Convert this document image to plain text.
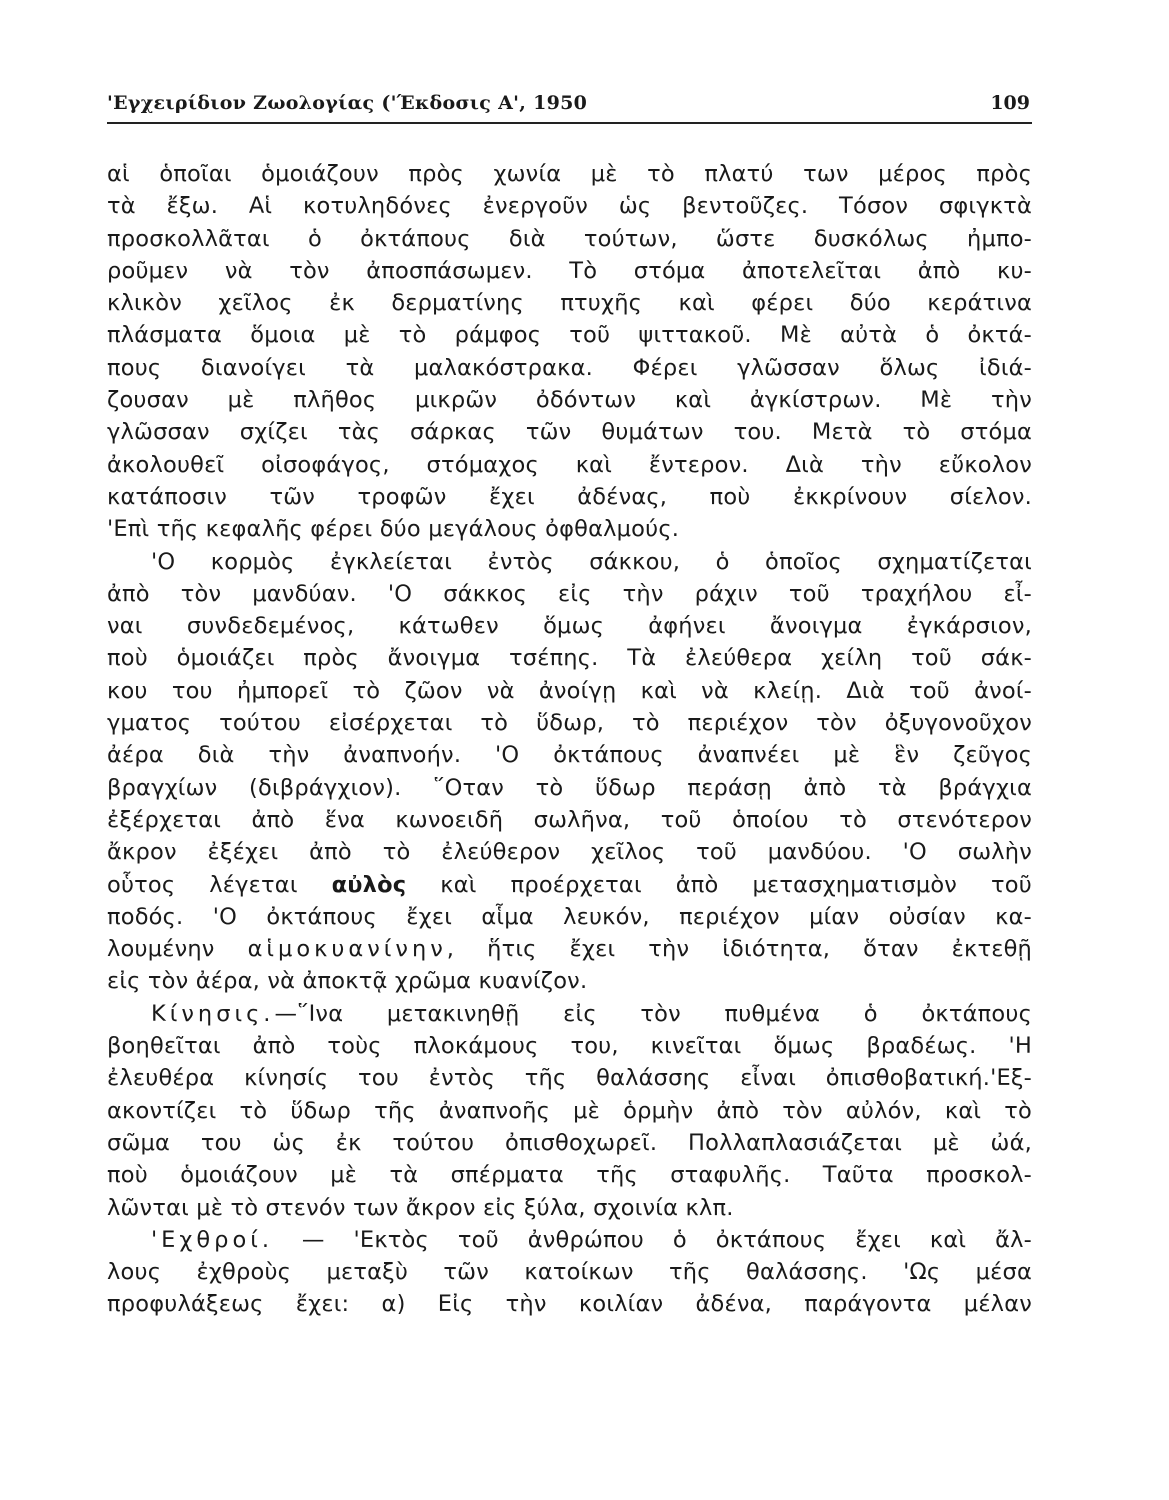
'Εγχειρίδιον Ζωολογίας ('Έκδοσις Α', 1950	109
αἱ ὁποῖαι ὁμοιάζουν πρὸς χωνία μὲ τὸ πλατύ των μέρος πρὸς
τὰ ἔξω. Αἱ κοτυληδόνες ἐνεργοῦν ὡς βεντοῦζες. Τόσον σφιγκτὰ
προσκολλᾶται ὁ ὀκτάπους διὰ τούτων, ὥστε δυσκόλως ἠμπο-
ροῦμεν νὰ τὸν ἀποσπάσωμεν. Τὸ στόμα ἀποτελεῖται ἀπὸ κυ-
κλικὸν χεῖλος ἐκ δερματίνης πτυχῆς καὶ φέρει δύο κεράτινα
πλάσματα ὅμοια μὲ τὸ ράμφος τοῦ ψιττακοῦ. Μὲ αὐτὰ ὁ ὀκτά-
πους διανοίγει τὰ μαλακόστρακα. Φέρει γλῶσσαν ὅλως ἰδιά-
ζουσαν μὲ πλῆθος μικρῶν ὀδόντων καὶ ἀγκίστρων. Μὲ τὴν
γλῶσσαν σχίζει τὰς σάρκας τῶν θυμάτων του. Μετὰ τὸ στόμα
ἀκολουθεῖ οἰσοφάγος, στόμαχος καὶ ἔντερον. Διὰ τὴν εὔκολον
κατάποσιν τῶν τροφῶν ἔχει ἀδένας, ποὺ ἐκκρίνουν σίελον.
'Επὶ τῆς κεφαλῆς φέρει δύο μεγάλους ὀφθαλμούς.
'Ο κορμὸς ἐγκλείεται ἐντὸς σάκκου, ὁ ὁποῖος σχηματίζεται
ἀπὸ τὸν μανδύαν. 'Ο σάκκος εἰς τὴν ράχιν τοῦ τραχήλου εἶ-
ναι συνδεδεμένος, κάτωθεν ὅμως ἀφήνει ἄνοιγμα ἐγκάρσιον,
ποὺ ὁμοιάζει πρὸς ἄνοιγμα τσέπης. Τὰ ἐλεύθερα χείλη τοῦ σάκ-
κου του ἠμπορεῖ τὸ ζῶον νὰ ἀνοίγῃ καὶ νὰ κλείῃ. Διὰ τοῦ ἀνοί-
γματος τούτου εἰσέρχεται τὸ ὕδωρ, τὸ περιέχον τὸν ὀξυγονοῦχον
ἀέρα διὰ τὴν ἀναπνοήν. 'Ο ὀκτάπους ἀναπνέει μὲ ἓν ζεῦγος
βραγχίων (διβράγχιον). ῞Οταν τὸ ὕδωρ περάσῃ ἀπὸ τὰ βράγχια
ἐξέρχεται ἀπὸ ἕνα κωνοειδῆ σωλῆνα, τοῦ ὁποίου τὸ στενότερον
ἄκρον ἐξέχει ἀπὸ τὸ ἐλεύθερον χεῖλος τοῦ μανδύου. 'Ο σωλὴν
οὗτος λέγεται αὐλὸς καὶ προέρχεται ἀπὸ μετασχηματισμὸν τοῦ
ποδός. 'Ο ὀκτάπους ἔχει αἷμα λευκόν, περιέχον μίαν οὐσίαν κα-
λουμένην αἱμοκυανίνην, ἥτις ἔχει τὴν ἰδιότητα, ὅταν ἐκτεθῇ
εἰς τὸν ἀέρα, νὰ ἀποκτᾷ χρῶμα κυανίζον.
Κίνησις.—῞Ινα μετακινηθῇ εἰς τὸν πυθμένα ὁ ὀκτάπους
βοηθεῖται ἀπὸ τοὺς πλοκάμους του, κινεῖται ὅμως βραδέως. 'Η
ἐλευθέρα κίνησίς του ἐντὸς τῆς θαλάσσης εἶναι ὀπισθοβατική.'Εξ-
ακοντίζει τὸ ὕδωρ τῆς ἀναπνοῆς μὲ ὁρμὴν ἀπὸ τὸν αὐλόν, καὶ τὸ
σῶμα του ὡς ἐκ τούτου ὀπισθοχωρεῖ. Πολλαπλασιάζεται μὲ ὠά,
ποὺ ὁμοιάζουν μὲ τὰ σπέρματα τῆς σταφυλῆς. Ταῦτα προσκολ-
λῶνται μὲ τὸ στενόν των ἄκρον εἰς ξύλα, σχοινία κλπ.
'Εχθροί. — 'Εκτὸς τοῦ ἀνθρώπου ὁ ὀκτάπους ἔχει καὶ ἄλ-
λους ἐχθροὺς μεταξὺ τῶν κατοίκων τῆς θαλάσσης. 'Ως μέσα
προφυλάξεως ἔχει: α) Εἰς τὴν κοιλίαν ἀδένα, παράγοντα μέλαν
